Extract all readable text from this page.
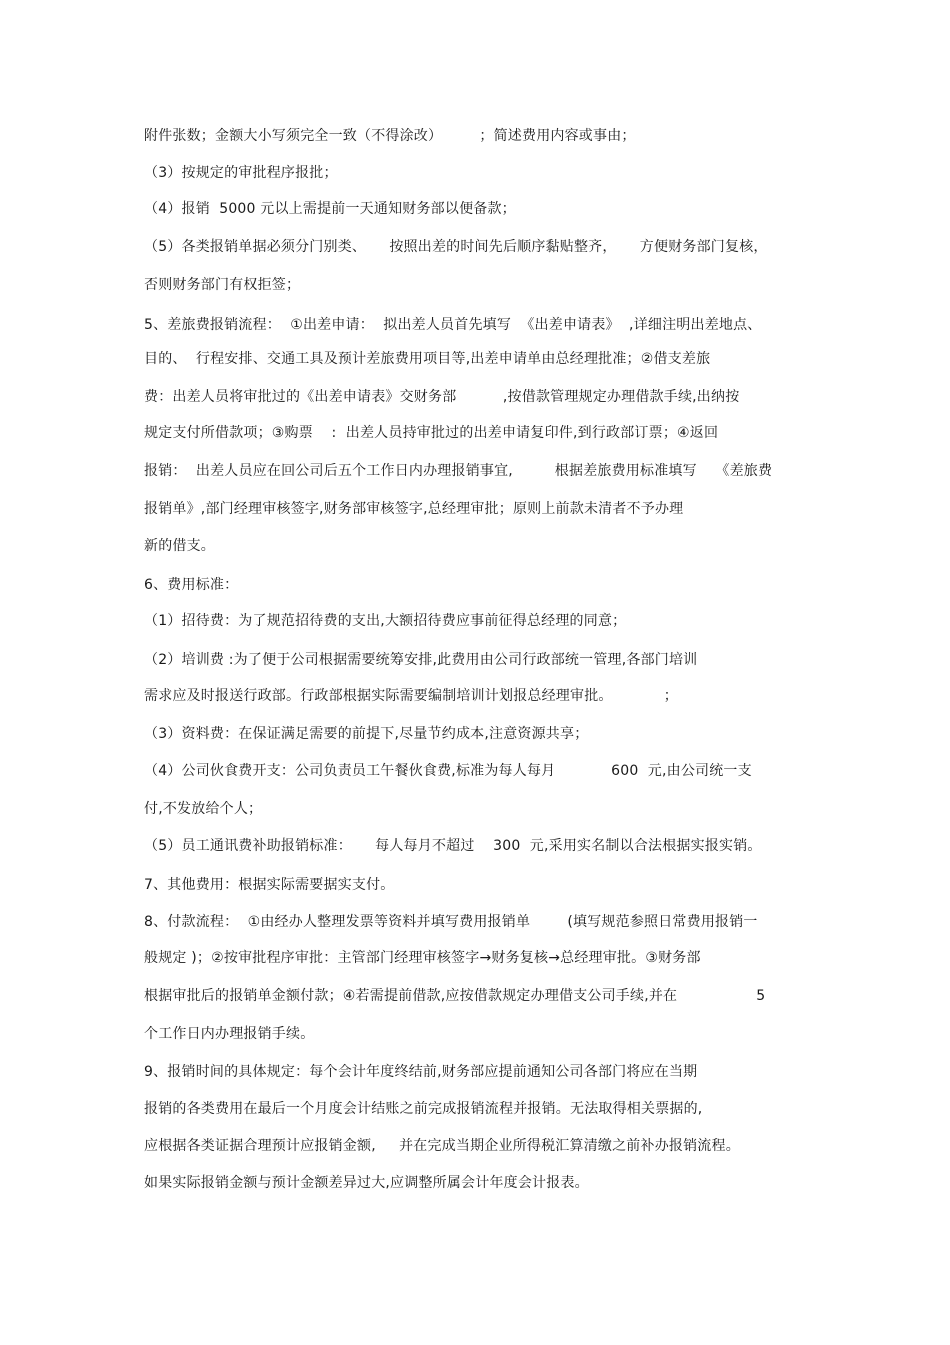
附件张数；金额大小写须完全一致（不得涂改）        ；简述费用内容或事由；
（3）按规定的审批程序报批；
（4）报销  5000 元以上需提前一天通知财务部以便备款；
（5）各类报销单据必须分门别类、     按照出差的时间先后顺序黏贴整齐，     方便财务部门复核，
否则财务部门有权拒签；
5、差旅费报销流程：  ①出差申请：  拟出差人员首先填写  《出差申请表》  ,详细注明出差地点、
目的、  行程安排、交通工具及预计差旅费用项目等,出差申请单由总经理批准；②借支差旅
费：出差人员将审批过的《出差申请表》交财务部          ,按借款管理规定办理借款手续,出纳按
规定支付所借款项；③购票    :  出差人员持审批过的出差申请复印件,到行政部订票；④返回
报销：  出差人员应在回公司后五个工作日内办理报销事宜,         根据差旅费用标准填写    《差旅费
报销单》,部门经理审核签字,财务部审核签字,总经理审批；原则上前款未清者不予办理
新的借支。
6、费用标准：
（1）招待费：为了规范招待费的支出,大额招待费应事前征得总经理的同意；
（2）培训费 :为了便于公司根据需要统筹安排,此费用由公司行政部统一管理,各部门培训
需求应及时报送行政部。行政部根据实际需要编制培训计划报总经理审批。           ；
（3）资料费：在保证满足需要的前提下,尽量节约成本,注意资源共享；
（4）公司伙食费开支：公司负责员工午餐伙食费,标准为每人每月            600  元,由公司统一支
付,不发放给个人；
（5）员工通讯费补助报销标准：     每人每月不超过    300  元,采用实名制以合法根据实报实销。
7、其他费用：根据实际需要据实支付。
8、付款流程：  ①由经办人整理发票等资料并填写费用报销单        (填写规范参照日常费用报销一
般规定 )；②按审批程序审批：主管部门经理审核签字→财务复核→总经理审批。③财务部
根据审批后的报销单金额付款；④若需提前借款,应按借款规定办理借支公司手续,并在                 5
个工作日内办理报销手续。
9、报销时间的具体规定：每个会计年度终结前,财务部应提前通知公司各部门将应在当期
报销的各类费用在最后一个月度会计结账之前完成报销流程并报销。无法取得相关票据的,
应根据各类证据合理预计应报销金额,     并在完成当期企业所得税汇算清缴之前补办报销流程。
如果实际报销金额与预计金额差异过大,应调整所属会计年度会计报表。
